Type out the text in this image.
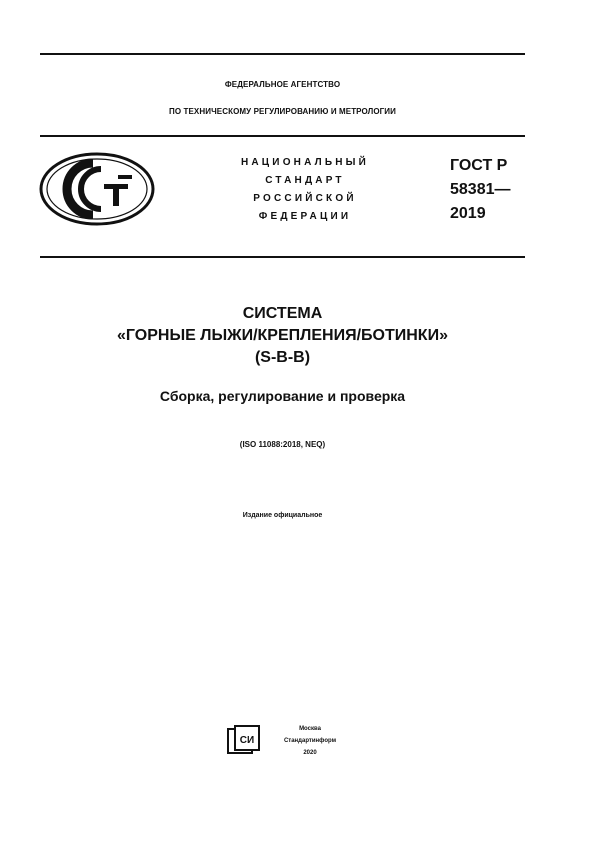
ФЕДЕРАЛЬНОЕ АГЕНТСТВО
ПО ТЕХНИЧЕСКОМУ РЕГУЛИРОВАНИЮ И МЕТРОЛОГИИ
НАЦИОНАЛЬНЫЙ
СТАНДАРТ
РОССИЙСКОЙ
ФЕДЕРАЦИИ
ГОСТ Р
58381—
2019
СИСТЕМА
«ГОРНЫЕ ЛЫЖИ/КРЕПЛЕНИЯ/БОТИНКИ»
(S-B-B)
Сборка, регулирование и проверка
(ISO 11088:2018, NEQ)
Издание официальное
СИ
Москва
Стандартинформ
2020
